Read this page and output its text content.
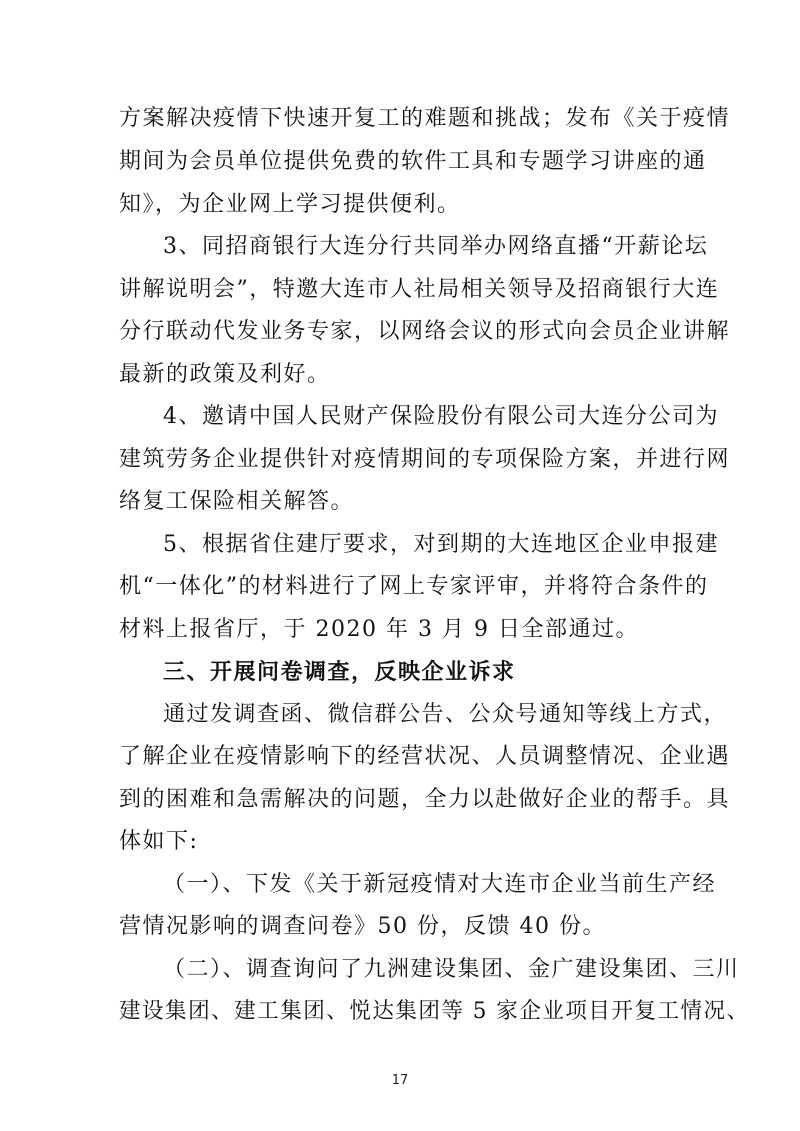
方案解决疫情下快速开复工的难题和挑战；发布《关于疫情
期间为会员单位提供免费的软件工具和专题学习讲座的通
知》，为企业网上学习提供便利。
3、同招商银行大连分行共同举办网络直播“开薪论坛
讲解说明会”，特邀大连市人社局相关领导及招商银行大连
分行联动代发业务专家，以网络会议的形式向会员企业讲解
最新的政策及利好。
4、邀请中国人民财产保险股份有限公司大连分公司为
建筑劳务企业提供针对疫情期间的专项保险方案，并进行网
络复工保险相关解答。
5、根据省住建厅要求，对到期的大连地区企业申报建
机“一体化”的材料进行了网上专家评审，并将符合条件的
材料上报省厅，于 2020 年 3 月 9 日全部通过。
三、开展问卷调查，反映企业诉求
通过发调查函、微信群公告、公众号通知等线上方式，
了解企业在疫情影响下的经营状况、人员调整情况、企业遇
到的困难和急需解决的问题，全力以赴做好企业的帮手。具
体如下:
（一）、下发《关于新冠疫情对大连市企业当前生产经
营情况影响的调查问卷》50 份，反馈 40 份。
（二）、调查询问了九洲建设集团、金广建设集团、三川
建设集团、建工集团、悦达集团等 5 家企业项目开复工情况、
17
